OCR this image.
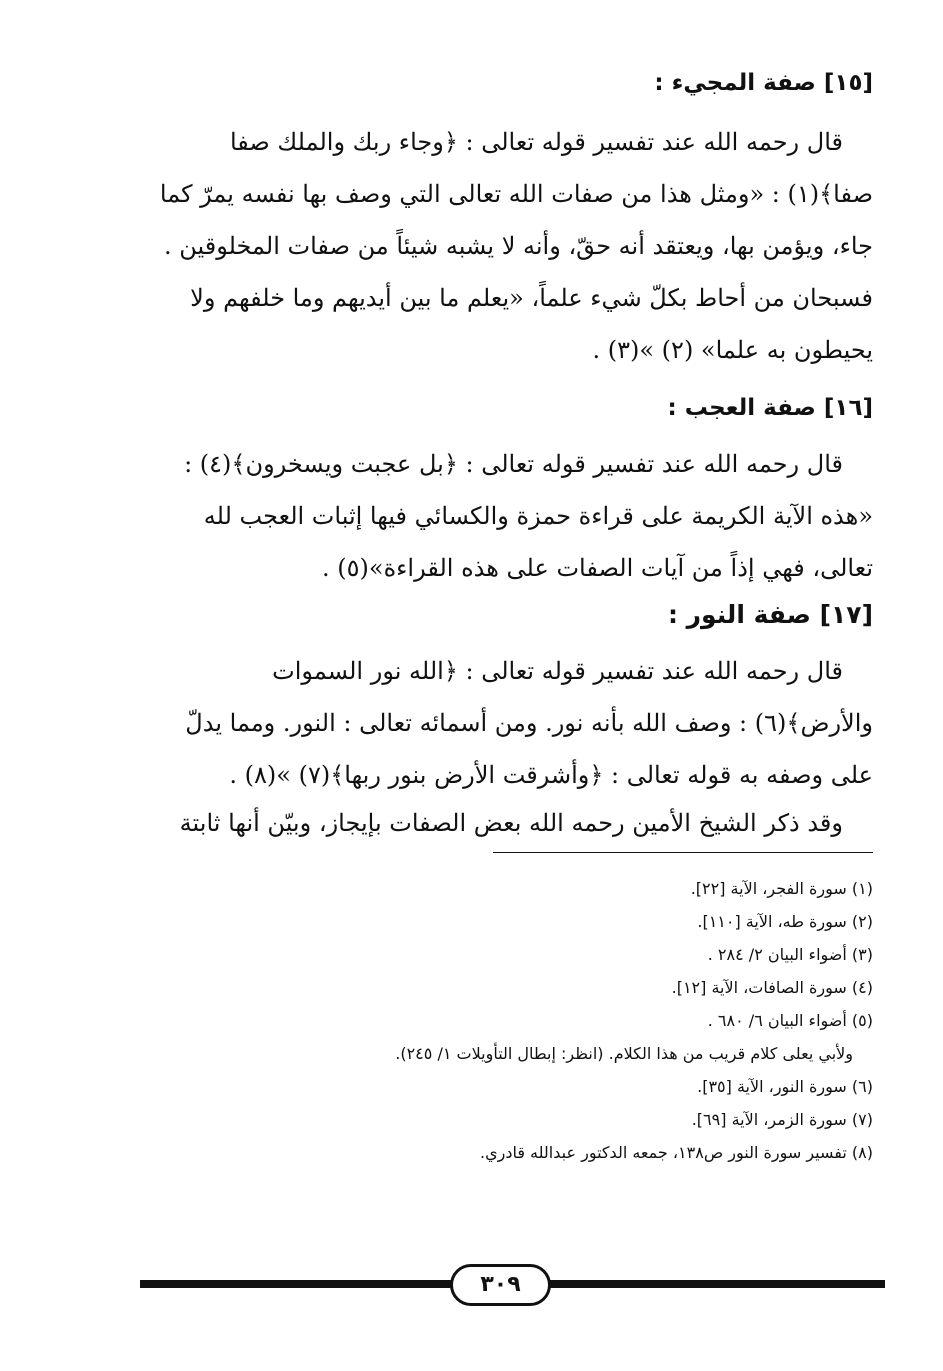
[١٥] صفة المجيء :
قال رحمه الله عند تفسير قوله تعالى : ﴿وجاء ربك والملك صفا
صفا﴾(١) : «ومثل هذا من صفات الله تعالى التي وصف بها نفسه يمرّ كما
جاء، ويؤمن بها، ويعتقد أنه حقّ، وأنه لا يشبه شيئاً من صفات المخلوقين .
فسبحان من أحاط بكلّ شيء علماً، «يعلم ما بين أيديهم وما خلفهم ولا
يحيطون به علما» (٢) »(٣) .
[١٦] صفة العجب :
قال رحمه الله عند تفسير قوله تعالى : ﴿بل عجبت ويسخرون﴾(٤) :
«هذه الآية الكريمة على قراءة حمزة والكسائي فيها إثبات العجب لله
تعالى، فهي إذاً من آيات الصفات على هذه القراءة»(٥) .
[١٧] صفة النور :
قال رحمه الله عند تفسير قوله تعالى : ﴿الله نور السموات
والأرض﴾(٦) : وصف الله بأنه نور. ومن أسمائه تعالى : النور. ومما يدلّ
على وصفه به قوله تعالى : ﴿وأشرقت الأرض بنور ربها﴾(٧) »(٨) .
وقد ذكر الشيخ الأمين رحمه الله بعض الصفات بإيجاز، وبيّن أنها ثابتة
(١) سورة الفجر، الآية [٢٢].
(٢) سورة طه، الآية [١١٠].
(٣) أضواء البيان ٢/ ٢٨٤ .
(٤) سورة الصافات، الآية [١٢].
(٥) أضواء البيان ٦/ ٦٨٠ .
ولأبي يعلى كلام قريب من هذا الكلام. (انظر: إبطال التأويلات ١/ ٢٤٥).
(٦) سورة النور، الآية [٣٥].
(٧) سورة الزمر، الآية [٦٩].
(٨) تفسير سورة النور ص١٣٨، جمعه الدكتور عبدالله قادري.
٣٠٩
